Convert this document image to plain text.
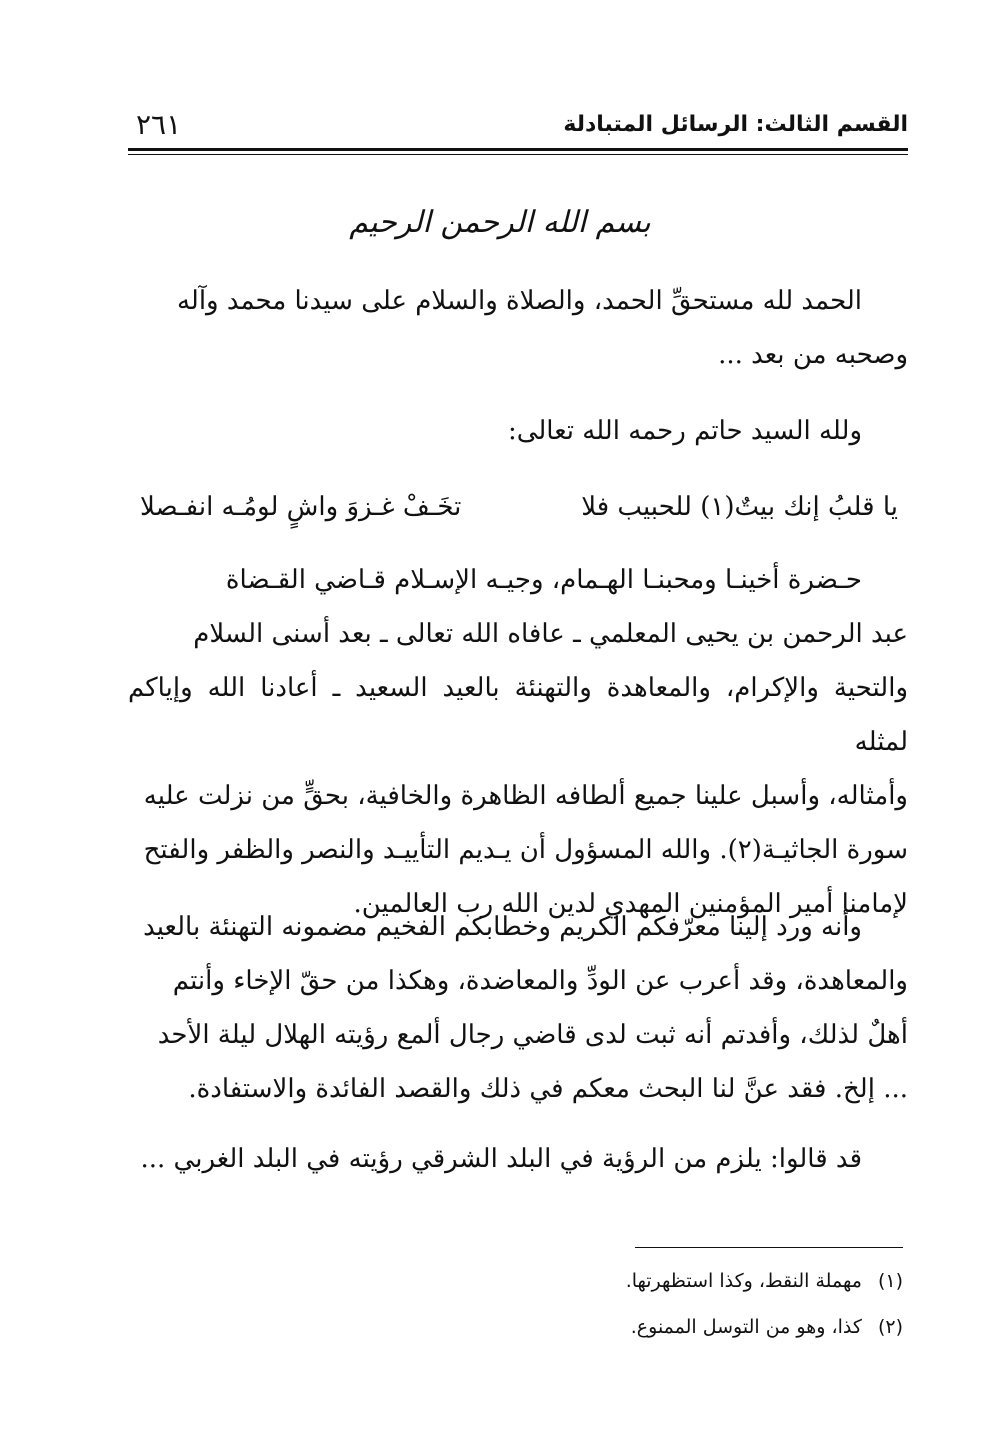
القسم الثالث: الرسائل المتبادلة
٢٦١
بسم الله الرحمن الرحيم

الحمد لله مستحقِّ الحمد، والصلاة والسلام على سيدنا محمد وآله

وصحبه من بعد ...

ولله السيد حاتم رحمه الله تعالى:

يا قلبُ إنك بيتٌ(١) للحبيب فلا
تخَـفْ غـزوَ واشٍ لومُـه انفـصلا

حـضرة أخينـا ومحبنـا الهـمام، وجيـه الإسـلام قـاضي القـضاة

عبد الرحمن بن يحيى المعلمي ـ عافاه الله تعالى ـ بعد أسنى السلام

والتحية والإكرام، والمعاهدة والتهنئة بالعيد السعيد ـ أعادنا الله وإياكم لمثله

وأمثاله، وأسبل علينا جميع ألطافه الظاهرة والخافية، بحقٍّ من نزلت عليه

سورة الجاثيـة(٢). والله المسؤول أن يـديم التأييـد والنصر والظفر والفتح

لإمامنا أمير المؤمنين المهدي لدين الله رب العالمين.

وأنه ورد إلينا معرّفكم الكريم وخطابكم الفخيم مضمونه التهنئة بالعيد

والمعاهدة، وقد أعرب عن الودِّ والمعاضدة، وهكذا من حقّ الإخاء وأنتم

أهلٌ لذلك، وأفدتم أنه ثبت لدى قاضي رجال ألمع رؤيته الهلال ليلة الأحد

... إلخ. فقد عنَّ لنا البحث معكم في ذلك والقصد الفائدة والاستفادة.

قد قالوا: يلزم من الرؤية في البلد الشرقي رؤيته في البلد الغربي ...

(١) مهملة النقط، وكذا استظهرتها.
(٢) كذا، وهو من التوسل الممنوع.
